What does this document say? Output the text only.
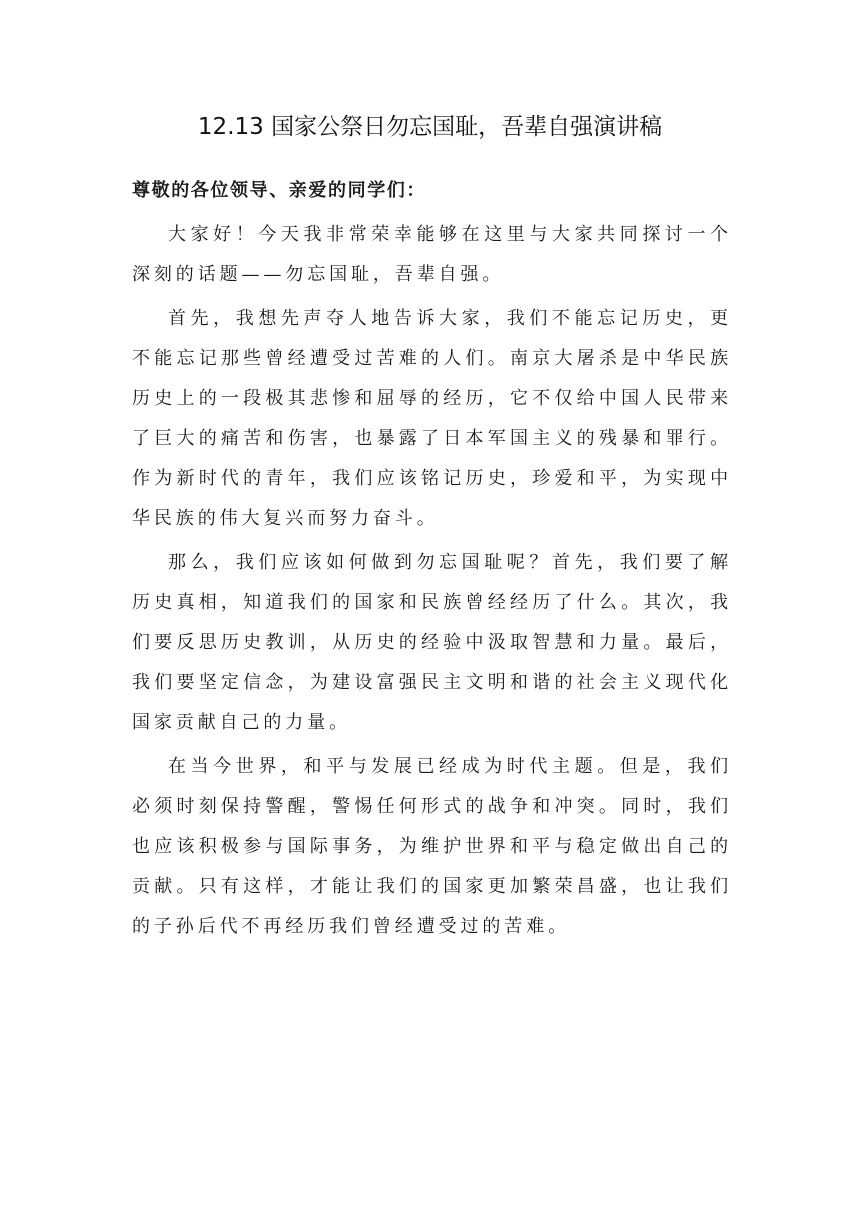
12.13 国家公祭日勿忘国耻，吾辈自强演讲稿

尊敬的各位领导、亲爱的同学们：

大家好！今天我非常荣幸能够在这里与大家共同探讨一个深刻的话题——勿忘国耻，吾辈自强。

首先，我想先声夺人地告诉大家，我们不能忘记历史，更不能忘记那些曾经遭受过苦难的人们。南京大屠杀是中华民族历史上的一段极其悲惨和屈辱的经历，它不仅给中国人民带来了巨大的痛苦和伤害，也暴露了日本军国主义的残暴和罪行。作为新时代的青年，我们应该铭记历史，珍爱和平，为实现中华民族的伟大复兴而努力奋斗。

那么，我们应该如何做到勿忘国耻呢？首先，我们要了解历史真相，知道我们的国家和民族曾经经历了什么。其次，我们要反思历史教训，从历史的经验中汲取智慧和力量。最后，我们要坚定信念，为建设富强民主文明和谐的社会主义现代化国家贡献自己的力量。

在当今世界，和平与发展已经成为时代主题。但是，我们必须时刻保持警醒，警惕任何形式的战争和冲突。同时，我们也应该积极参与国际事务，为维护世界和平与稳定做出自己的贡献。只有这样，才能让我们的国家更加繁荣昌盛，也让我们的子孙后代不再经历我们曾经遭受过的苦难。
